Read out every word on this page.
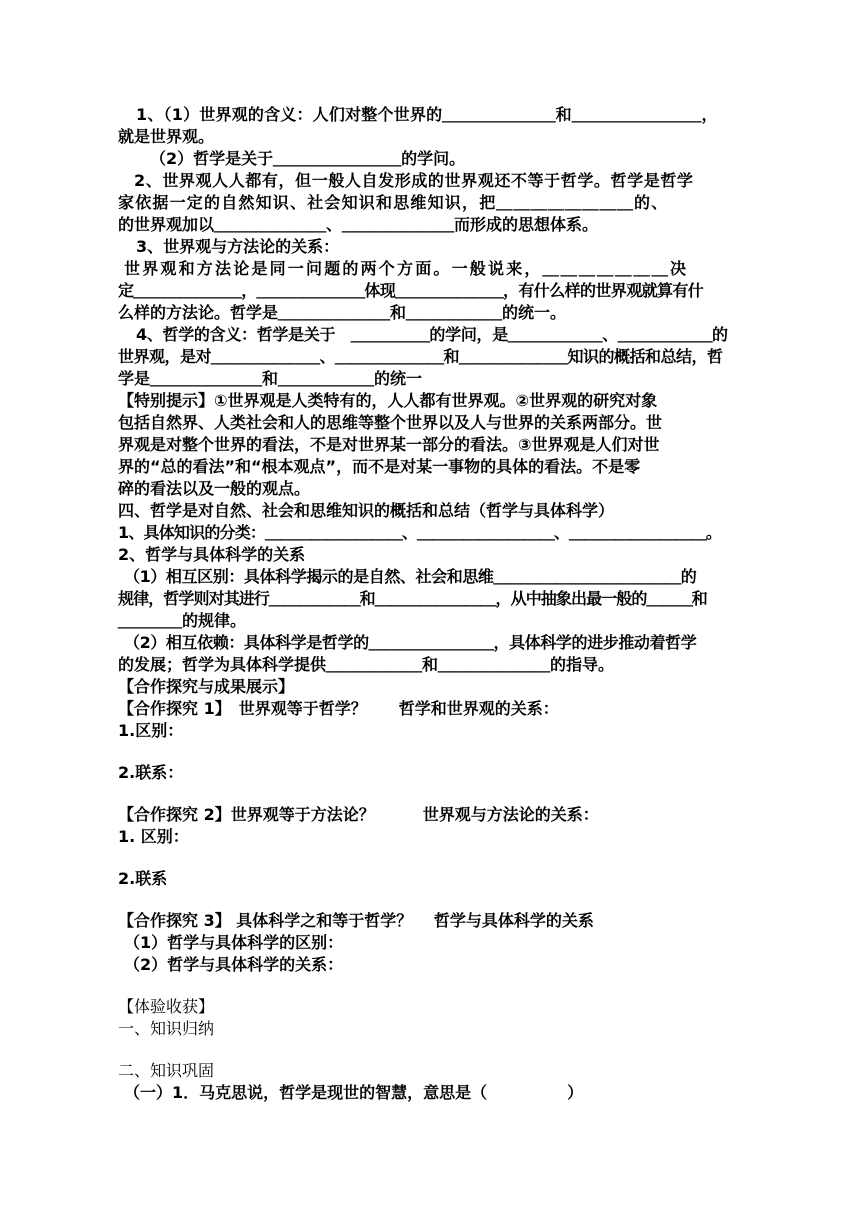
1、（1）世界观的含义：人们对整个世界的＿＿＿＿＿＿＿和＿＿＿＿＿＿＿＿，
就是世界观。
（2）哲学是关于＿＿＿＿＿＿＿＿的学问。
2、世界观人人都有，但一般人自发形成的世界观还不等于哲学。哲学是哲学
家依据一定的自然知识、社会知识和思维知识，把＿＿＿＿＿＿＿＿的、
的世界观加以＿＿＿＿＿＿＿、＿＿＿＿＿＿＿而形成的思想体系。
3、世界观与方法论的关系：
世界观和方法论是同一问题的两个方面。一般说来，＿＿＿＿＿＿＿决
定＿＿＿＿＿＿＿，＿＿＿＿＿＿＿体现＿＿＿＿＿＿＿，有什么样的世界观就算有什
么样的方法论。哲学是＿＿＿＿＿＿＿和＿＿＿＿＿＿的统一。
4、哲学的含义：哲学是关于　＿＿＿＿＿的学问，是＿＿＿＿＿＿、＿＿＿＿＿＿的
世界观，是对＿＿＿＿＿＿＿、＿＿＿＿＿＿＿和＿＿＿＿＿＿＿知识的概括和总结，哲
学是＿＿＿＿＿＿＿和＿＿＿＿＿＿的统一
【特别提示】①世界观是人类特有的，人人都有世界观。②世界观的研究对象
包括自然界、人类社会和人的思维等整个世界以及人与世界的关系两部分。世
界观是对整个世界的看法，不是对世界某一部分的看法。③世界观是人们对世
界的“总的看法”和“根本观点”，而不是对某一事物的具体的看法。不是零
碎的看法以及一般的观点。
四、哲学是对自然、社会和思维知识的概括和总结（哲学与具体科学）
1、具体知识的分类：＿＿＿＿＿＿＿＿＿、＿＿＿＿＿＿＿＿＿、＿＿＿＿＿＿＿＿＿。
2、哲学与具体科学的关系
（1）相互区别：具体科学揭示的是自然、社会和思维＿＿＿＿＿＿＿＿＿＿＿＿的
规律，哲学则对其进行＿＿＿＿＿＿和＿＿＿＿＿＿＿＿，从中抽象出最一般的＿＿＿和
＿＿＿＿的规律。
（2）相互依赖：具体科学是哲学的＿＿＿＿＿＿＿＿，具体科学的进步推动着哲学
的发展；哲学为具体科学提供＿＿＿＿＿＿和＿＿＿＿＿＿＿的指导。
【合作探究与成果展示】
【合作探究 1】　世界观等于哲学？　　哲学和世界观的关系：
1.区别：
2.联系：
【合作探究 2】世界观等于方法论？　　　世界观与方法论的关系：
1. 区别：
2.联系
【合作探究 3】 具体科学之和等于哲学？　 哲学与具体科学的关系
（1）哲学与具体科学的区别：
（2）哲学与具体科学的关系：
【体验收获】
一、知识归纳
二、知识巩固
（一）1．马克思说，哲学是现世的智慧，意思是（　　　　　）
